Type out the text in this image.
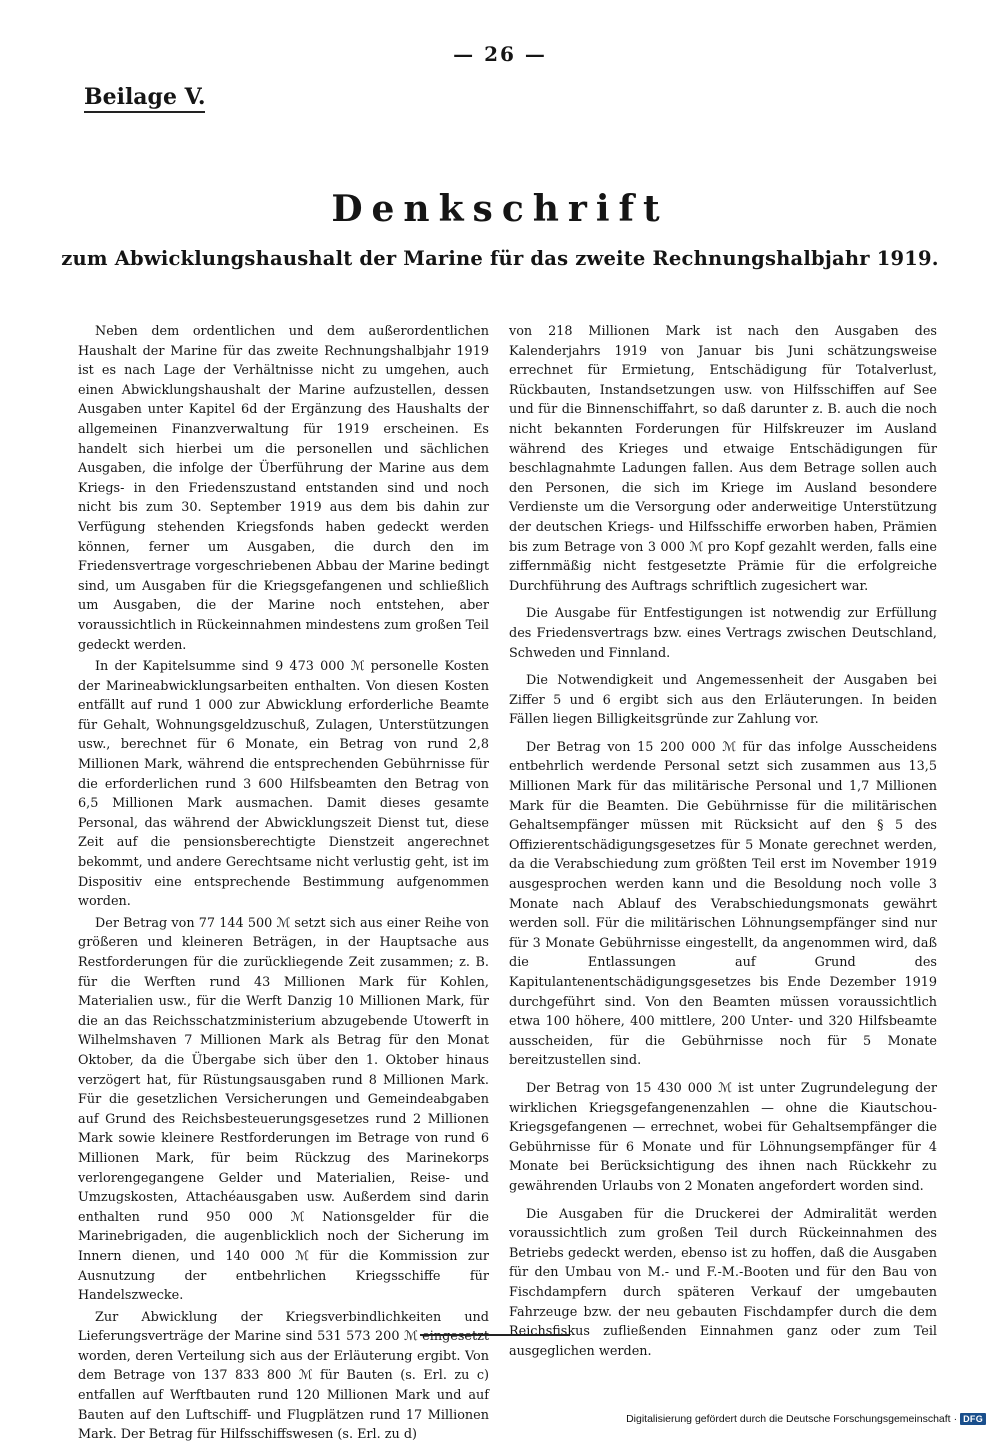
— 26 —
Beilage V.
Denkschrift
zum Abwicklungshaushalt der Marine für das zweite Rechnungshalbjahr 1919.

Neben dem ordentlichen und dem außerordentlichen Haushalt der Marine für das zweite Rechnungshalbjahr 1919 ist es nach Lage der Verhältnisse nicht zu umgehen, auch einen Abwicklungshaushalt der Marine aufzustellen, dessen Ausgaben unter Kapitel 6d der Ergänzung des Haushalts der allgemeinen Finanzverwaltung für 1919 erscheinen. Es handelt sich hierbei um die personellen und sächlichen Ausgaben, die infolge der Überführung der Marine aus dem Kriegs- in den Friedenszustand entstanden sind und noch nicht bis zum 30. September 1919 aus dem bis dahin zur Verfügung stehenden Kriegsfonds haben gedeckt werden können, ferner um Ausgaben, die durch den im Friedensvertrage vorgeschriebenen Abbau der Marine bedingt sind, um Ausgaben für die Kriegsgefangenen und schließlich um Ausgaben, die der Marine noch entstehen, aber voraussichtlich in Rückeinnahmen mindestens zum großen Teil gedeckt werden.

In der Kapitelsumme sind 9 473 000 ℳ personelle Kosten der Marineabwicklungsarbeiten enthalten. Von diesen Kosten entfällt auf rund 1 000 zur Abwicklung erforderliche Beamte für Gehalt, Wohnungsgeldzuschuß, Zulagen, Unterstützungen usw., berechnet für 6 Monate, ein Betrag von rund 2,8 Millionen Mark, während die entsprechenden Gebührnisse für die erforderlichen rund 3 600 Hilfsbeamten den Betrag von 6,5 Millionen Mark ausmachen. Damit dieses gesamte Personal, das während der Abwicklungszeit Dienst tut, diese Zeit auf die pensionsberechtigte Dienstzeit angerechnet bekommt, und andere Gerechtsame nicht verlustig geht, ist im Dispositiv eine entsprechende Bestimmung aufgenommen worden.

Der Betrag von 77 144 500 ℳ setzt sich aus einer Reihe von größeren und kleineren Beträgen, in der Hauptsache aus Restforderungen für die zurückliegende Zeit zusammen; z. B. für die Werften rund 43 Millionen Mark für Kohlen, Materialien usw., für die Werft Danzig 10 Millionen Mark, für die an das Reichsschatzministerium abzugebende Utowerft in Wilhelmshaven 7 Millionen Mark als Betrag für den Monat Oktober, da die Übergabe sich über den 1. Oktober hinaus verzögert hat, für Rüstungsausgaben rund 8 Millionen Mark. Für die gesetzlichen Versicherungen und Gemeindeabgaben auf Grund des Reichsbesteuerungsgesetzes rund 2 Millionen Mark sowie kleinere Restforderungen im Betrage von rund 6 Millionen Mark, für beim Rückzug des Marinekorps verlorengegangene Gelder und Materialien, Reise- und Umzugskosten, Attachéausgaben usw. Außerdem sind darin enthalten rund 950 000 ℳ Nationsgelder für die Marinebrigaden, die augenblicklich noch der Sicherung im Innern dienen, und 140 000 ℳ für die Kommission zur Ausnutzung der entbehrlichen Kriegsschiffe für Handelszwecke.

Zur Abwicklung der Kriegsverbindlichkeiten und Lieferungsverträge der Marine sind 531 573 200 ℳ eingesetzt worden, deren Verteilung sich aus der Erläuterung ergibt. Von dem Betrage von 137 833 800 ℳ für Bauten (s. Erl. zu c) entfallen auf Werftbauten rund 120 Millionen Mark und auf Bauten auf den Luftschiff- und Flugplätzen rund 17 Millionen Mark. Der Betrag für Hilfsschiffswesen (s. Erl. zu d)

von 218 Millionen Mark ist nach den Ausgaben des Kalenderjahrs 1919 von Januar bis Juni schätzungsweise errechnet für Ermietung, Entschädigung für Totalverlust, Rückbauten, Instandsetzungen usw. von Hilfsschiffen auf See und für die Binnenschiffahrt, so daß darunter z. B. auch die noch nicht bekannten Forderungen für Hilfskreuzer im Ausland während des Krieges und etwaige Entschädigungen für beschlagnahmte Ladungen fallen. Aus dem Betrage sollen auch den Personen, die sich im Kriege im Ausland besondere Verdienste um die Versorgung oder anderweitige Unterstützung der deutschen Kriegs- und Hilfsschiffe erworben haben, Prämien bis zum Betrage von 3 000 ℳ pro Kopf gezahlt werden, falls eine ziffernmäßig nicht festgesetzte Prämie für die erfolgreiche Durchführung des Auftrags schriftlich zugesichert war.

Die Ausgabe für Entfestigungen ist notwendig zur Erfüllung des Friedensvertrags bzw. eines Vertrags zwischen Deutschland, Schweden und Finnland.

Die Notwendigkeit und Angemessenheit der Ausgaben bei Ziffer 5 und 6 ergibt sich aus den Erläuterungen. In beiden Fällen liegen Billigkeitsgründe zur Zahlung vor.

Der Betrag von 15 200 000 ℳ für das infolge Ausscheidens entbehrlich werdende Personal setzt sich zusammen aus 13,5 Millionen Mark für das militärische Personal und 1,7 Millionen Mark für die Beamten. Die Gebührnisse für die militärischen Gehaltsempfänger müssen mit Rücksicht auf den § 5 des Offizierentschädigungsgesetzes für 5 Monate gerechnet werden, da die Verabschiedung zum größten Teil erst im November 1919 ausgesprochen werden kann und die Besoldung noch volle 3 Monate nach Ablauf des Verabschiedungsmonats gewährt werden soll. Für die militärischen Löhnungsempfänger sind nur für 3 Monate Gebührnisse eingestellt, da angenommen wird, daß die Entlassungen auf Grund des Kapitulantenentschädigungsgesetzes bis Ende Dezember 1919 durchgeführt sind. Von den Beamten müssen voraussichtlich etwa 100 höhere, 400 mittlere, 200 Unter- und 320 Hilfsbeamte ausscheiden, für die Gebührnisse noch für 5 Monate bereitzustellen sind.

Der Betrag von 15 430 000 ℳ ist unter Zugrundelegung der wirklichen Kriegsgefangenenzahlen — ohne die Kiautschou-Kriegsgefangenen — errechnet, wobei für Gehaltsempfänger die Gebührnisse für 6 Monate und für Löhnungsempfänger für 4 Monate bei Berücksichtigung des ihnen nach Rückkehr zu gewährenden Urlaubs von 2 Monaten angefordert worden sind.

Die Ausgaben für die Druckerei der Admiralität werden voraussichtlich zum großen Teil durch Rückeinnahmen des Betriebs gedeckt werden, ebenso ist zu hoffen, daß die Ausgaben für den Umbau von M.- und F.-M.-Booten und für den Bau von Fischdampfern durch späteren Verkauf der umgebauten Fahrzeuge bzw. der neu gebauten Fischdampfer durch die dem Reichsfiskus zufließenden Einnahmen ganz oder zum Teil ausgeglichen werden.

Digitalisierung gefördert durch die Deutsche Forschungsgemeinschaft · DFG
